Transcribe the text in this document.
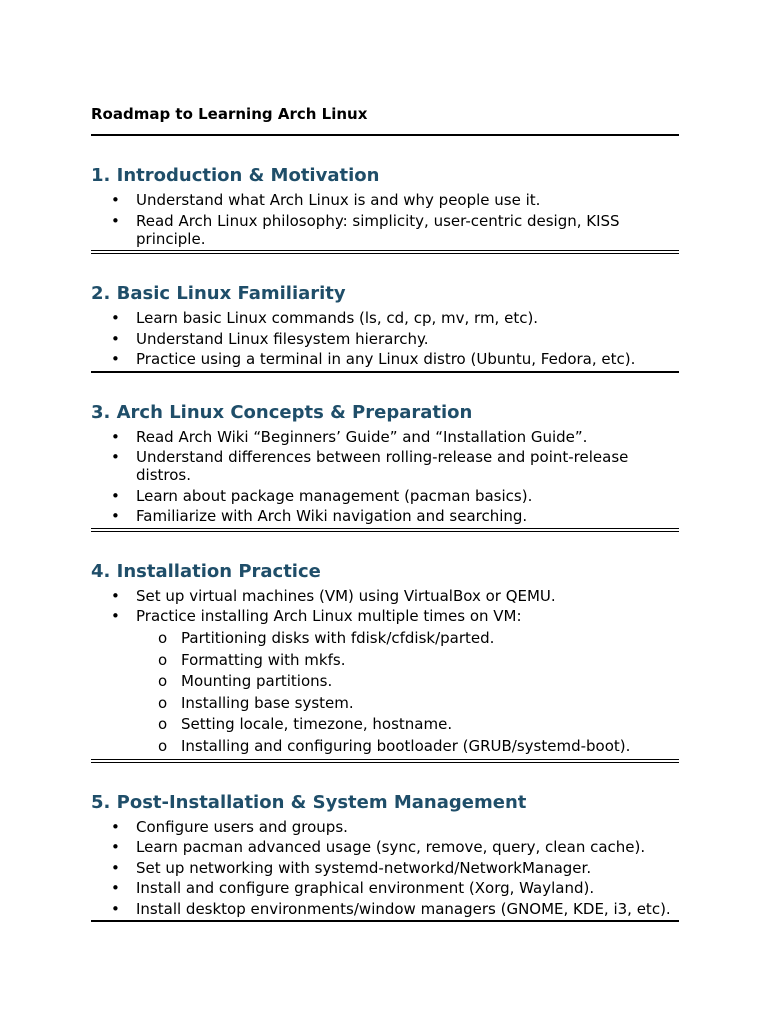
Roadmap to Learning Arch Linux
1. Introduction & Motivation
• Understand what Arch Linux is and why people use it.
• Read Arch Linux philosophy: simplicity, user-centric design, KISS principle.
2. Basic Linux Familiarity
• Learn basic Linux commands (ls, cd, cp, mv, rm, etc).
• Understand Linux filesystem hierarchy.
• Practice using a terminal in any Linux distro (Ubuntu, Fedora, etc).
3. Arch Linux Concepts & Preparation
• Read Arch Wiki “Beginners’ Guide” and “Installation Guide”.
• Understand differences between rolling-release and point-release distros.
• Learn about package management (pacman basics).
• Familiarize with Arch Wiki navigation and searching.
4. Installation Practice
• Set up virtual machines (VM) using VirtualBox or QEMU.
• Practice installing Arch Linux multiple times on VM:
o Partitioning disks with fdisk/cfdisk/parted.
o Formatting with mkfs.
o Mounting partitions.
o Installing base system.
o Setting locale, timezone, hostname.
o Installing and configuring bootloader (GRUB/systemd-boot).
5. Post-Installation & System Management
• Configure users and groups.
• Learn pacman advanced usage (sync, remove, query, clean cache).
• Set up networking with systemd-networkd/NetworkManager.
• Install and configure graphical environment (Xorg, Wayland).
• Install desktop environments/window managers (GNOME, KDE, i3, etc).
